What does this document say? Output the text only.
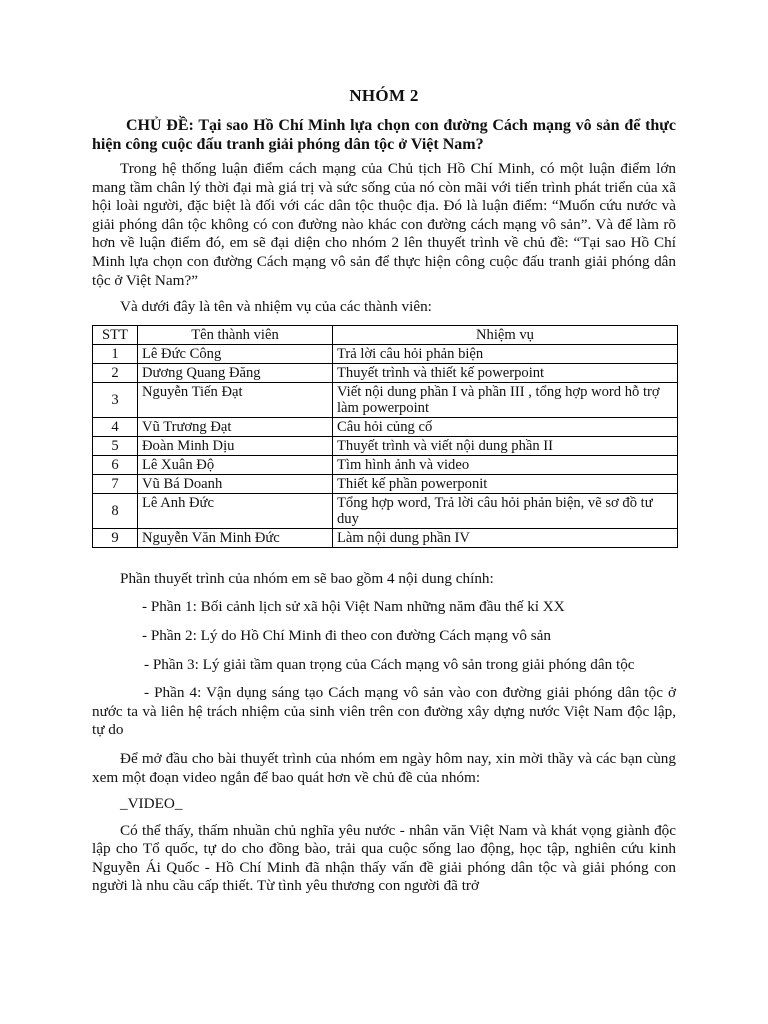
NHÓM 2
CHỦ ĐỀ: Tại sao Hồ Chí Minh lựa chọn con đường Cách mạng vô sản để thực hiện công cuộc đấu tranh giải phóng dân tộc ở Việt Nam?

Trong hệ thống luận điểm cách mạng của Chủ tịch Hồ Chí Minh, có một luận điểm lớn mang tầm chân lý thời đại mà giá trị và sức sống của nó còn mãi với tiến trình phát triển của xã hội loài người, đặc biệt là đối với các dân tộc thuộc địa. Đó là luận điểm: “Muốn cứu nước và giải phóng dân tộc không có con đường nào khác con đường cách mạng vô sản”. Và để làm rõ hơn về luận điểm đó, em sẽ đại diện cho nhóm 2 lên thuyết trình về chủ đề: “Tại sao Hồ Chí Minh lựa chọn con đường Cách mạng vô sản để thực hiện công cuộc đấu tranh giải phóng dân tộc ở Việt Nam?”

Và dưới đây là tên và nhiệm vụ của các thành viên:

STT	Tên thành viên	Nhiệm vụ
1	Lê Đức Công	Trả lời câu hỏi phản biện
2	Dương Quang Đăng	Thuyết trình và thiết kế powerpoint
3	Nguyễn Tiến Đạt	Viết nội dung phần I và phần III , tổng hợp word hỗ trợ làm powerpoint
4	Vũ Trương Đạt	Câu hỏi củng cố
5	Đoàn Minh Dịu	Thuyết trình và viết nội dung phần II
6	Lê Xuân Độ	Tìm hình ảnh và video
7	Vũ Bá Doanh	Thiết kế phần powerponit
8	Lê Anh Đức	Tổng hợp word, Trả lời câu hỏi phản biện, vẽ sơ đồ tư duy
9	Nguyễn Văn Minh Đức	Làm nội dung phần IV

Phần thuyết trình của nhóm em sẽ bao gồm 4 nội dung chính:

- Phần 1: Bối cảnh lịch sử xã hội Việt Nam những năm đầu thế kỉ XX

- Phần 2: Lý do Hồ Chí Minh đi theo con đường Cách mạng vô sản

- Phần 3: Lý giải tầm quan trọng của Cách mạng vô sản trong giải phóng dân tộc

- Phần 4: Vận dụng sáng tạo Cách mạng vô sản vào con đường giải phóng dân tộc ở nước ta và liên hệ trách nhiệm của sinh viên trên con đường xây dựng nước Việt Nam độc lập, tự do

Để mở đầu cho bài thuyết trình của nhóm em ngày hôm nay, xin mời thầy và các bạn cùng xem một đoạn video ngắn để bao quát hơn về chủ đề của nhóm:

_VIDEO_

Có thể thấy, thấm nhuần chủ nghĩa yêu nước - nhân văn Việt Nam và khát vọng giành độc lập cho Tổ quốc, tự do cho đồng bào, trải qua cuộc sống lao động, học tập, nghiên cứu kinh Nguyễn Ái Quốc - Hồ Chí Minh đã nhận thấy vấn đề giải phóng dân tộc và giải phóng con người là nhu cầu cấp thiết. Từ tình yêu thương con người đã trở
